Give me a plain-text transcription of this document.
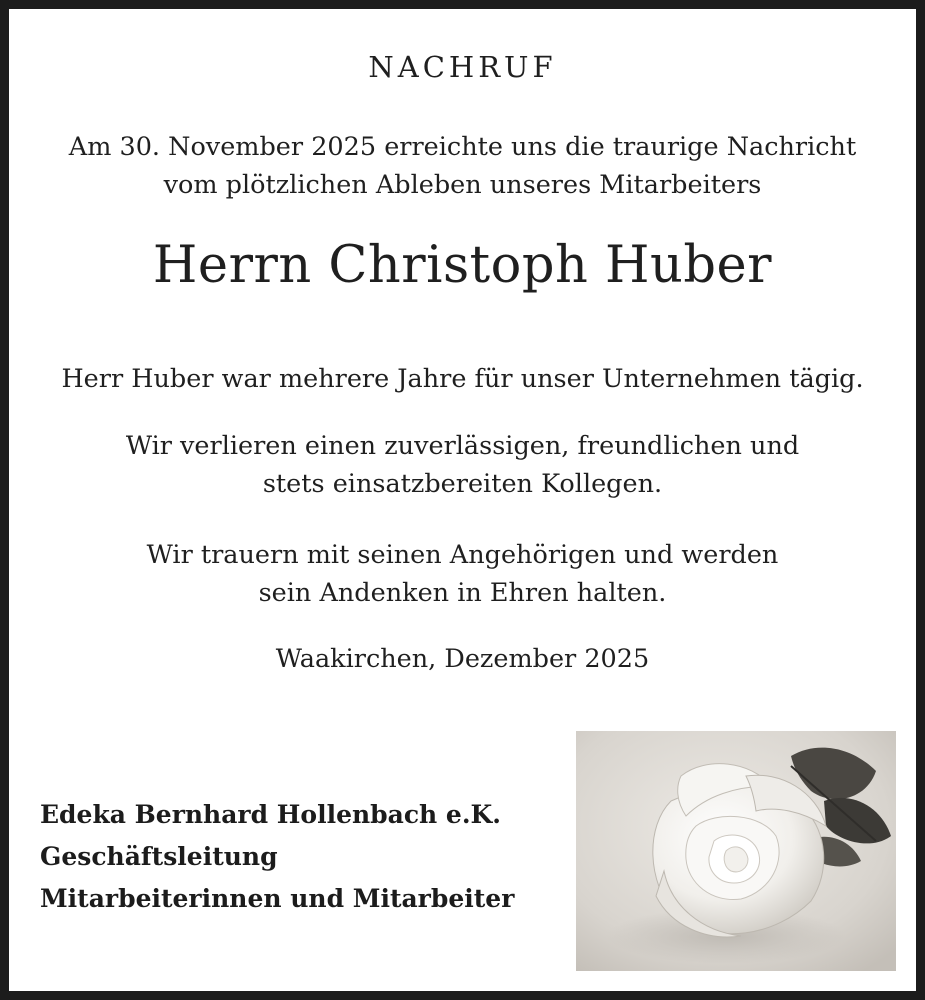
NACHRUF
Am 30. November 2025 erreichte uns die traurige Nachricht
vom plötzlichen Ableben unseres Mitarbeiters
Herrn Christoph Huber
Herr Huber war mehrere Jahre für unser Unternehmen tägig.
Wir verlieren einen zuverlässigen, freundlichen und
stets einsatzbereiten Kollegen.
Wir trauern mit seinen Angehörigen und werden
sein Andenken in Ehren halten.
Waakirchen, Dezember 2025
Edeka Bernhard Hollenbach e.K.
Geschäftsleitung
Mitarbeiterinnen und Mitarbeiter
